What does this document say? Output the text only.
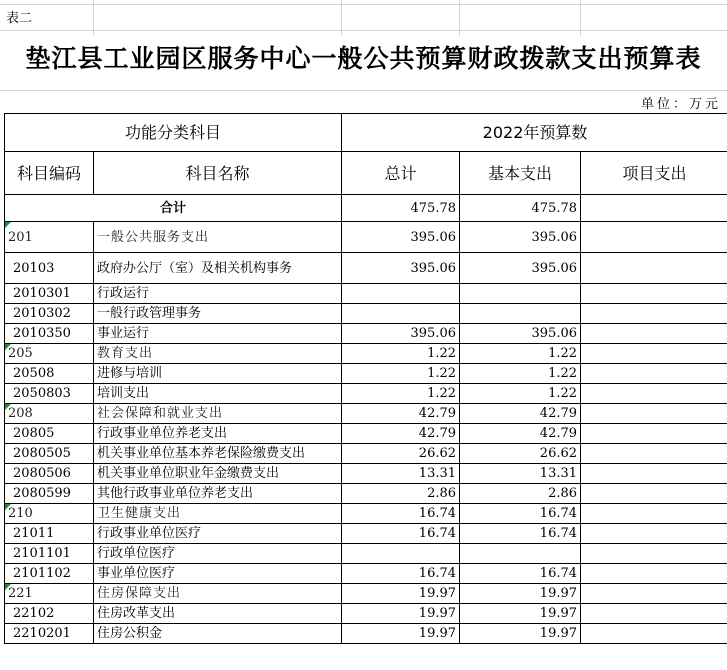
表二
垫江县工业园区服务中心一般公共预算财政拨款支出预算表
单位：万元
功能分类科目		2022年预算数		
科目编码	科目名称	总计	基本支出	项目支出
合计		475.78	475.78	
201	一般公共服务支出	395.06	395.06	
20103	政府办公厅（室）及相关机构事务	395.06	395.06	
2010301	行政运行			
2010302	一般行政管理事务			
2010350	事业运行	395.06	395.06	
205	教育支出	1.22	1.22	
20508	进修与培训	1.22	1.22	
2050803	培训支出	1.22	1.22	
208	社会保障和就业支出	42.79	42.79	
20805	行政事业单位养老支出	42.79	42.79	
2080505	机关事业单位基本养老保险缴费支出	26.62	26.62	
2080506	机关事业单位职业年金缴费支出	13.31	13.31	
2080599	其他行政事业单位养老支出	2.86	2.86	
210	卫生健康支出	16.74	16.74	
21011	行政事业单位医疗	16.74	16.74	
2101101	行政单位医疗			
2101102	事业单位医疗	16.74	16.74	
221	住房保障支出	19.97	19.97	
22102	住房改革支出	19.97	19.97	
2210201	住房公积金	19.97	19.97	
